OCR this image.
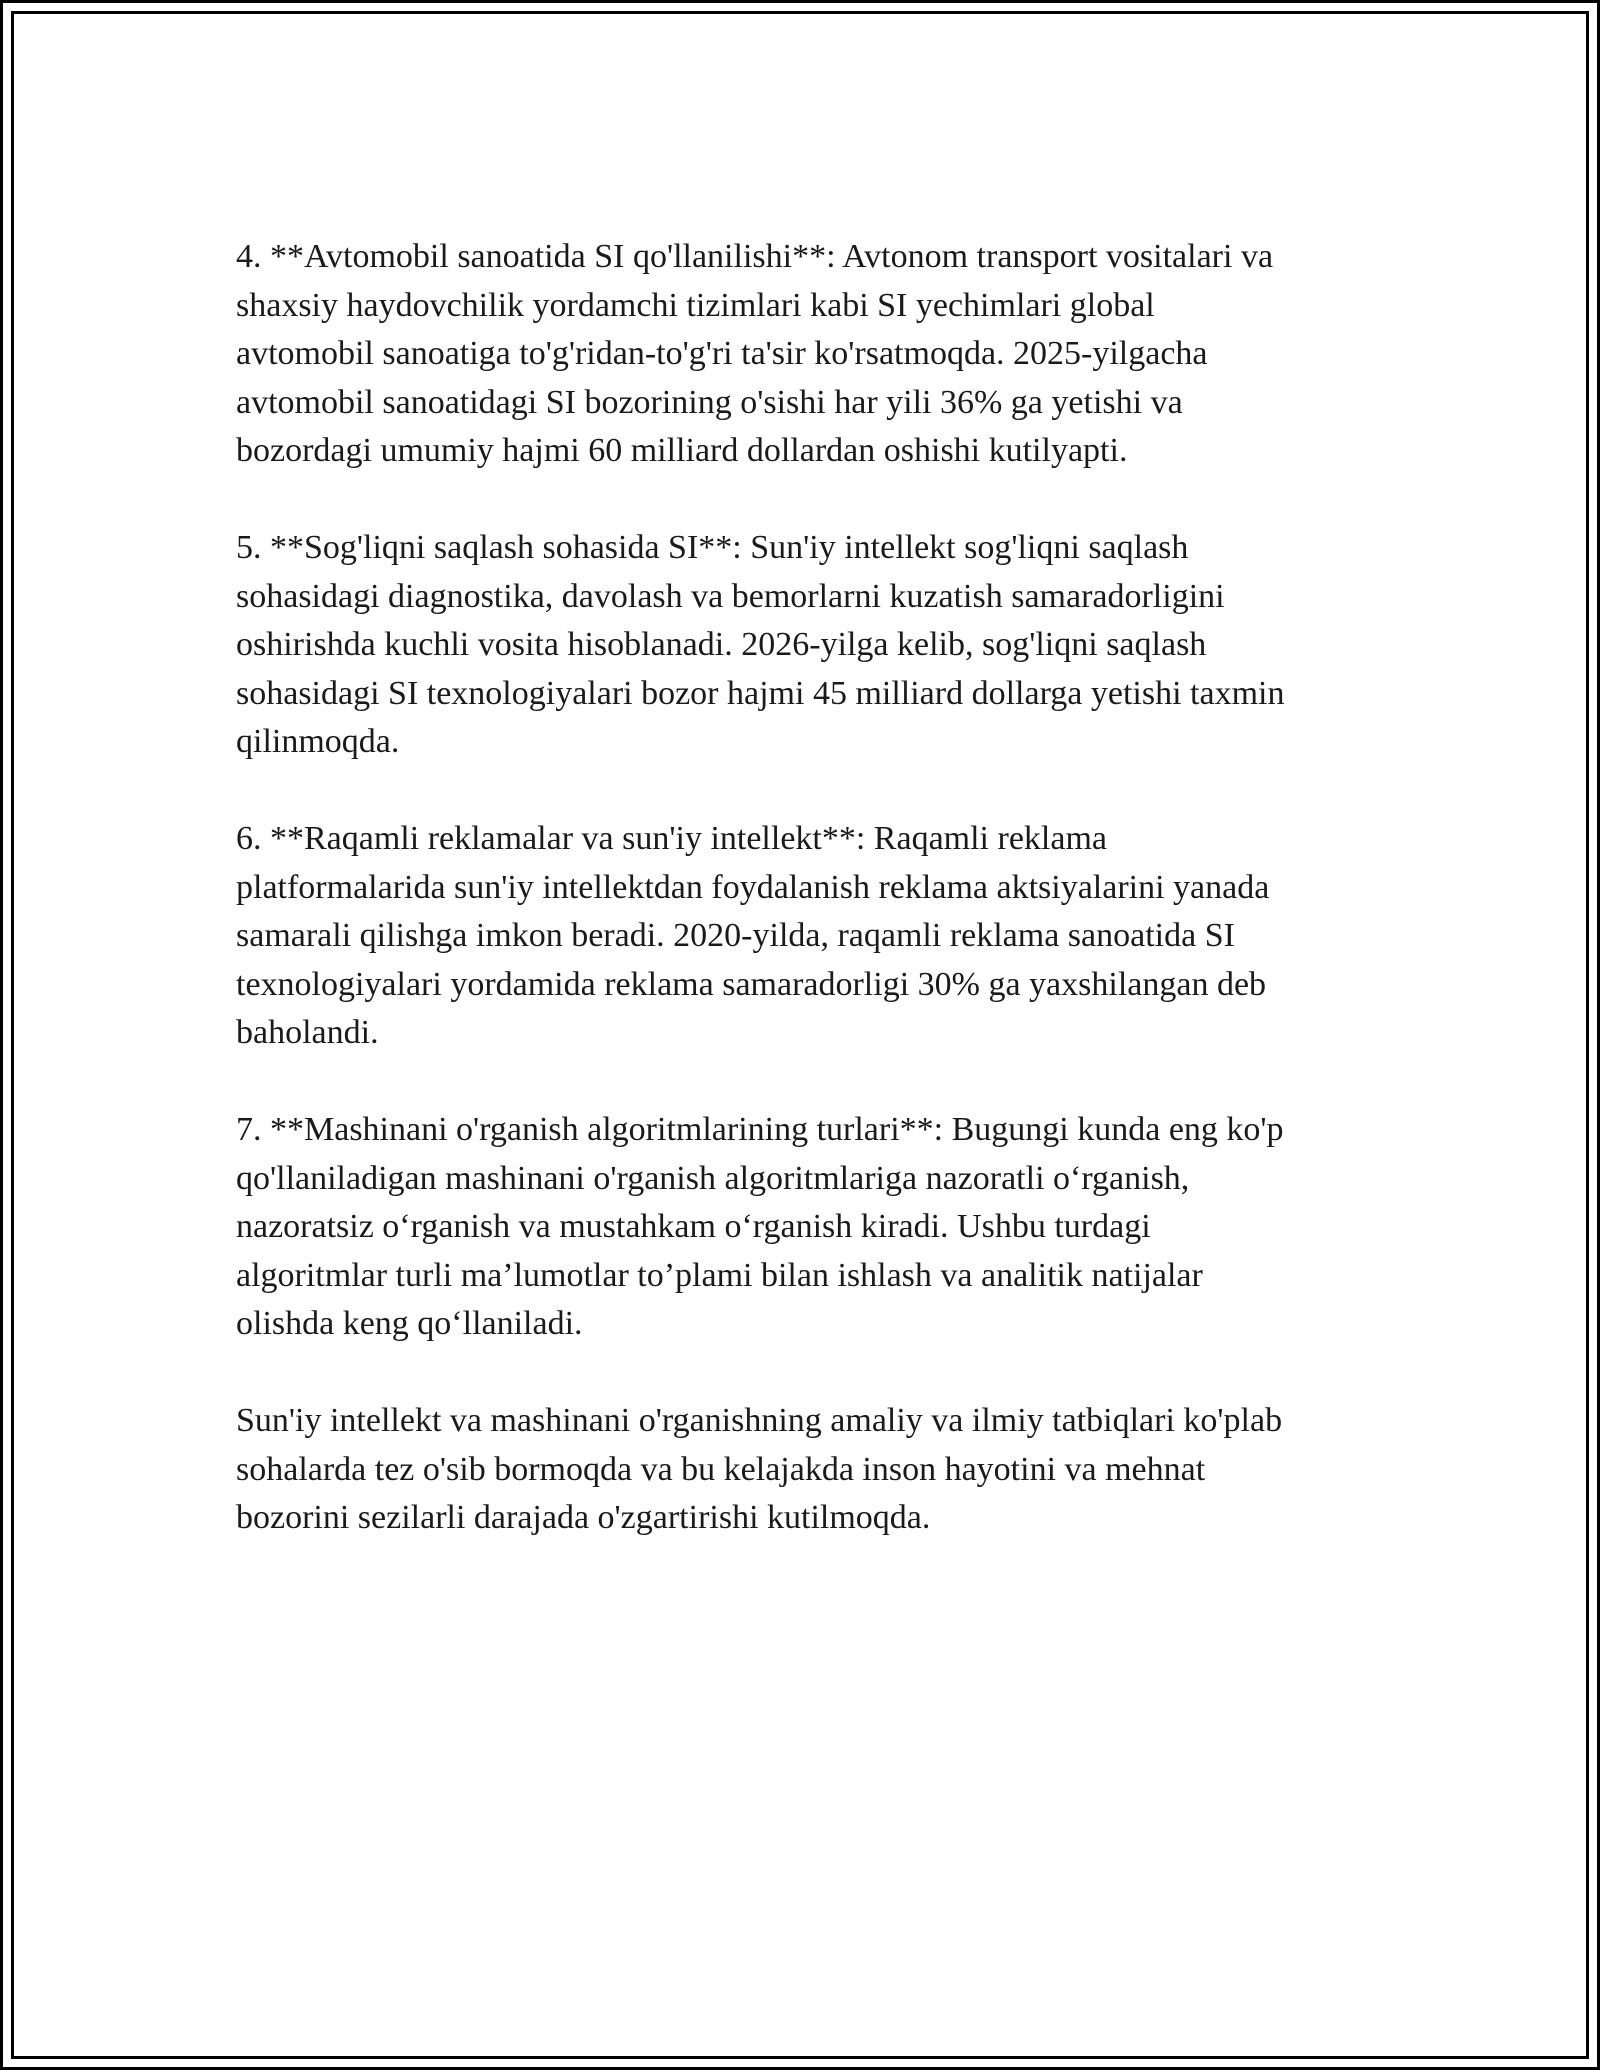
4. **Avtomobil sanoatida SI qo'llanilishi**: Avtonom transport vositalari va
shaxsiy haydovchilik yordamchi tizimlari kabi SI yechimlari global
avtomobil sanoatiga to'g'ridan-to'g'ri ta'sir ko'rsatmoqda. 2025-yilgacha
avtomobil sanoatidagi SI bozorining o'sishi har yili 36% ga yetishi va
bozordagi umumiy hajmi 60 milliard dollardan oshishi kutilyapti.

5. **Sog'liqni saqlash sohasida SI**: Sun'iy intellekt sog'liqni saqlash
sohasidagi diagnostika, davolash va bemorlarni kuzatish samaradorligini
oshirishda kuchli vosita hisoblanadi. 2026-yilga kelib, sog'liqni saqlash
sohasidagi SI texnologiyalari bozor hajmi 45 milliard dollarga yetishi taxmin
qilinmoqda.

6. **Raqamli reklamalar va sun'iy intellekt**: Raqamli reklama
platformalarida sun'iy intellektdan foydalanish reklama aktsiyalarini yanada
samarali qilishga imkon beradi. 2020-yilda, raqamli reklama sanoatida SI
texnologiyalari yordamida reklama samaradorligi 30% ga yaxshilangan deb
baholandi.

7. **Mashinani o'rganish algoritmlarining turlari**: Bugungi kunda eng ko'p
qo'llaniladigan mashinani o'rganish algoritmlariga nazoratli o‘rganish,
nazoratsiz o‘rganish va mustahkam o‘rganish kiradi. Ushbu turdagi
algoritmlar turli ma’lumotlar to’plami bilan ishlash va analitik natijalar
olishda keng qo‘llaniladi.

Sun'iy intellekt va mashinani o'rganishning amaliy va ilmiy tatbiqlari ko'plab
sohalarda tez o'sib bormoqda va bu kelajakda inson hayotini va mehnat
bozorini sezilarli darajada o'zgartirishi kutilmoqda.
